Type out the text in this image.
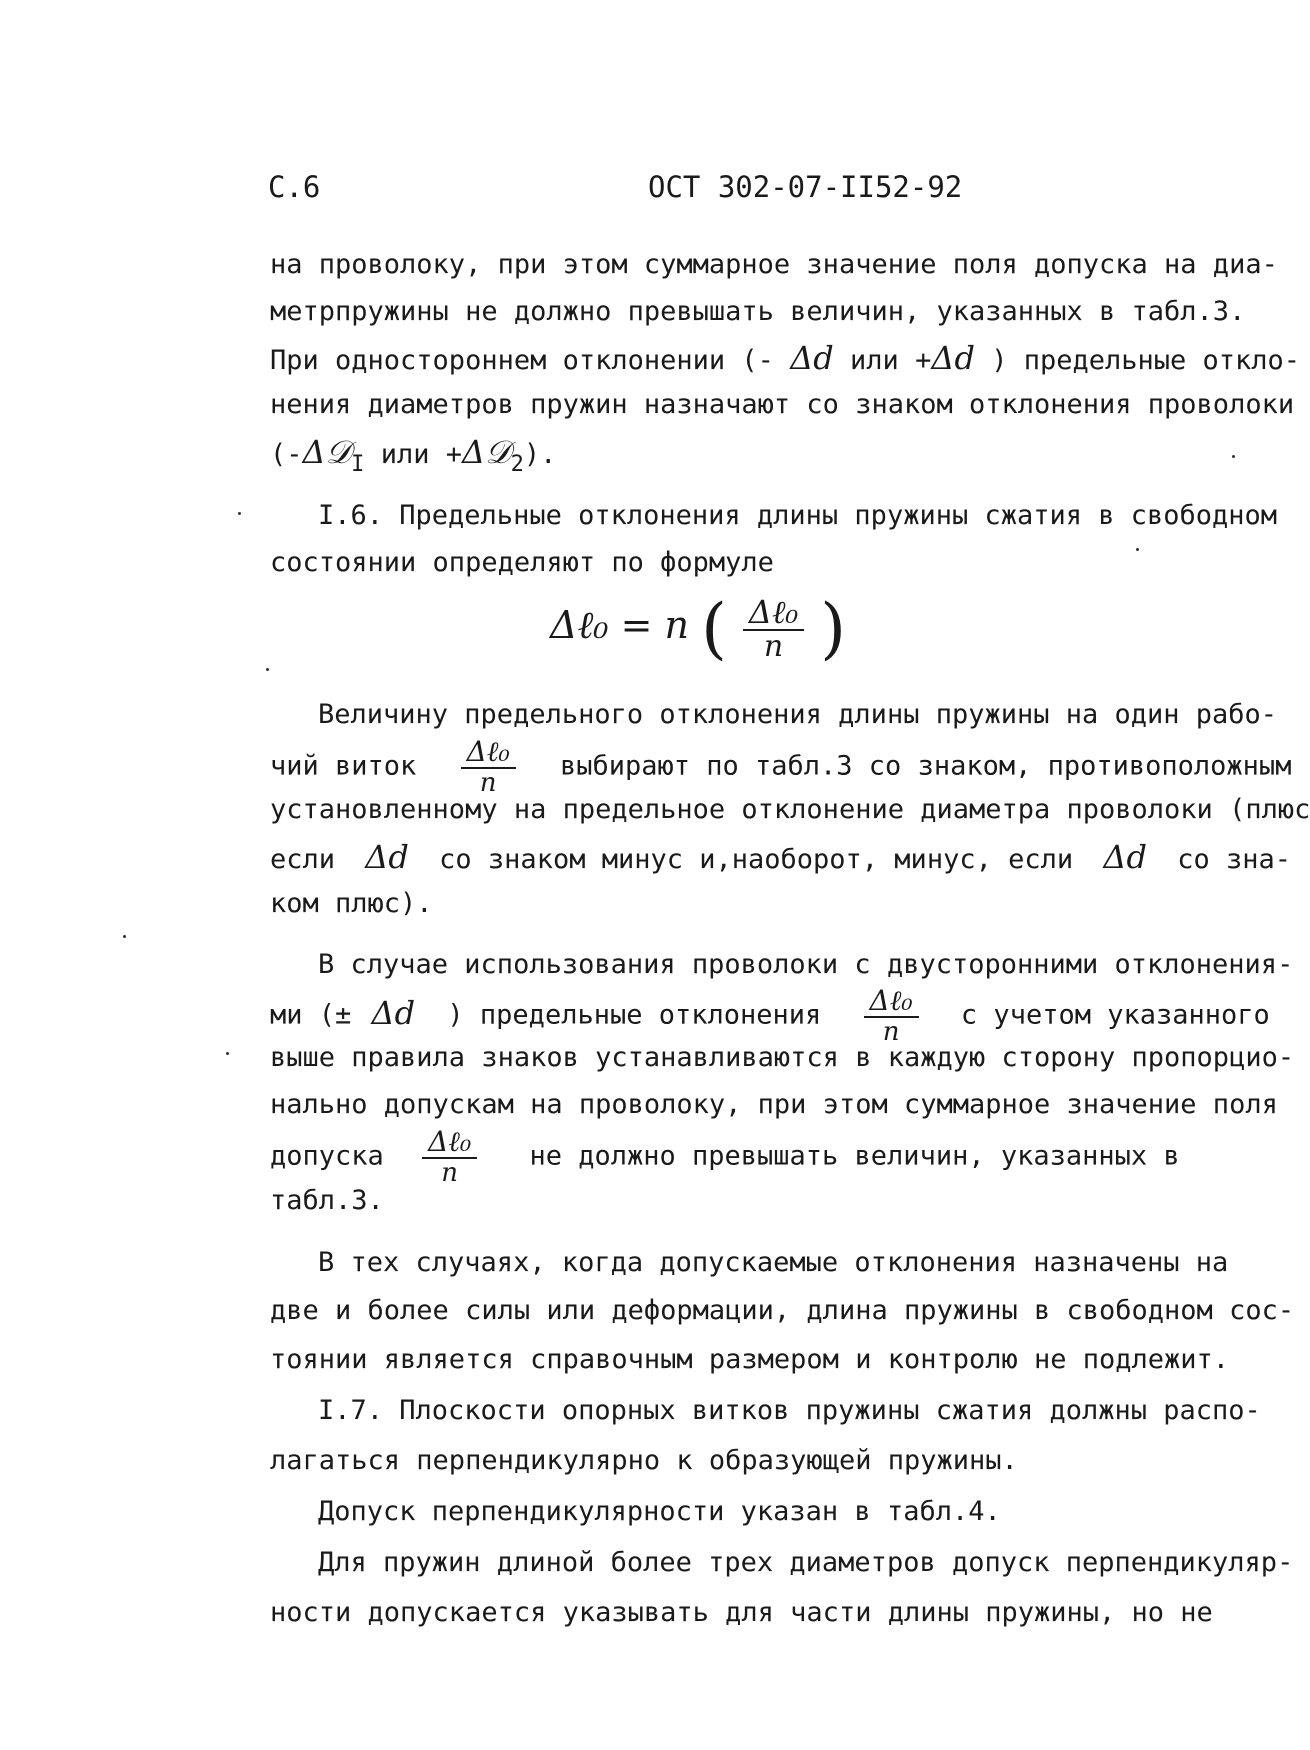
С.6	ОСТ 302-07-II52-92
на проволоку, при этом суммарное значение поля допуска на диа-
метрпружины не должно превышать величин, указанных в табл.3.
При одностороннем отклонении (- Δd или +Δd ) предельные откло-
нения диаметров пружин назначают со знаком отклонения проволоки
(-Δ𝒟$_I$ или +Δ𝒟$_2$).
I.6. Предельные отклонения длины пружины сжатия в свободном
состоянии определяют по формуле
Δℓ₀ = n ( $\frac{\text{Δℓ₀}}{n}$ )
Величину предельного отклонения длины пружины на один рабо-
чий виток $\frac{\text{Δℓ₀}}{n}$ выбирают по табл.3 со знаком, противоположным
установленному на предельное отклонение диаметра проволоки (плюс
если Δd со знаком минус и,наоборот, минус, если Δd со зна-
ком плюс).
В случае использования проволоки с двусторонними отклонения-
ми (± Δd ) предельные отклонения $\frac{\text{Δℓ₀}}{n}$ с учетом указанного
выше правила знаков устанавливаются в каждую сторону пропорцио-
нально допускам на проволоку, при этом суммарное значение поля
допуска $\frac{\text{Δℓ₀}}{n}$ не должно превышать величин, указанных в
табл.3.
В тех случаях, когда допускаемые отклонения назначены на
две и более силы или деформации, длина пружины в свободном сос-
тоянии является справочным размером и контролю не подлежит.
I.7. Плоскости опорных витков пружины сжатия должны распо-
лагаться перпендикулярно к образующей пружины.
Допуск перпендикулярности указан в табл.4.
Для пружин длиной более трех диаметров допуск перпендикуляр-
ности допускается указывать для части длины пружины, но не
